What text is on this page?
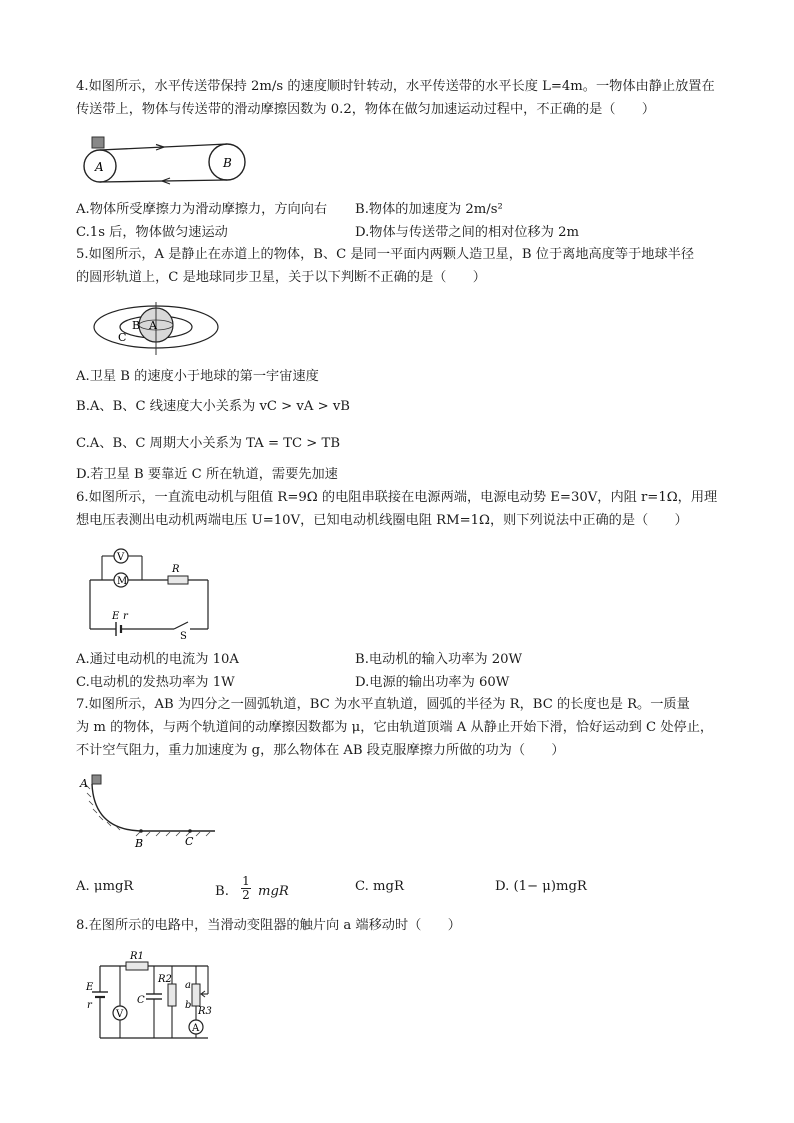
4.如图所示，水平传送带保持 2m/s 的速度顺时针转动，水平传送带的水平长度 L=4m。一物体由静止放置在
传送带上，物体与传送带的滑动摩擦因数为 0.2，物体在做匀加速运动过程中，不正确的是（　　）
A	B
A.物体所受摩擦力为滑动摩擦力，方向向右 B.物体的加速度为 2m/s²
C.1s 后，物体做匀速运动	D.物体与传送带之间的相对位移为 2m
5.如图所示，A 是静止在赤道上的物体，B、C 是同一平面内两颗人造卫星，B 位于离地高度等于地球半径
的圆形轨道上，C 是地球同步卫星，关于以下判断不正确的是（　　）
B A
C
A.卫星 B 的速度小于地球的第一宇宙速度
B.A、B、C 线速度大小关系为 vC > vA > vB
C.A、B、C 周期大小关系为 TA = TC > TB
D.若卫星 B 要靠近 C 所在轨道，需要先加速
6.如图所示，一直流电动机与阻值 R=9Ω 的电阻串联接在电源两端，电源电动势 E=30V，内阻 r=1Ω，用理
想电压表测出电动机两端电压 U=10V，已知电动机线圈电阻 RM=1Ω，则下列说法中正确的是（　　）
M
V
R
E r
S
A.通过电动机的电流为 10A	B.电动机的输入功率为 20W
C.电动机的发热功率为 1W	D.电源的输出功率为 60W
7.如图所示，AB 为四分之一圆弧轨道，BC 为水平直轨道，圆弧的半径为 R，BC 的长度也是 R。一质量
为 m 的物体，与两个轨道间的动摩擦因数都为 μ，它由轨道顶端 A 从静止开始下滑，恰好运动到 C 处停止，
不计空气阻力，重力加速度为 g，那么物体在 AB 段克服摩擦力所做的功为（　　）
A
B	C
A. μmgR	B. $\frac{1}{2}$ mgR	C. mgR	D. (1− μ)mgR
8.在图所示的电路中，当滑动变阻器的触片向 a 端移动时（　　）
V
A
R1
R2
R3
E
r	C
a
b
